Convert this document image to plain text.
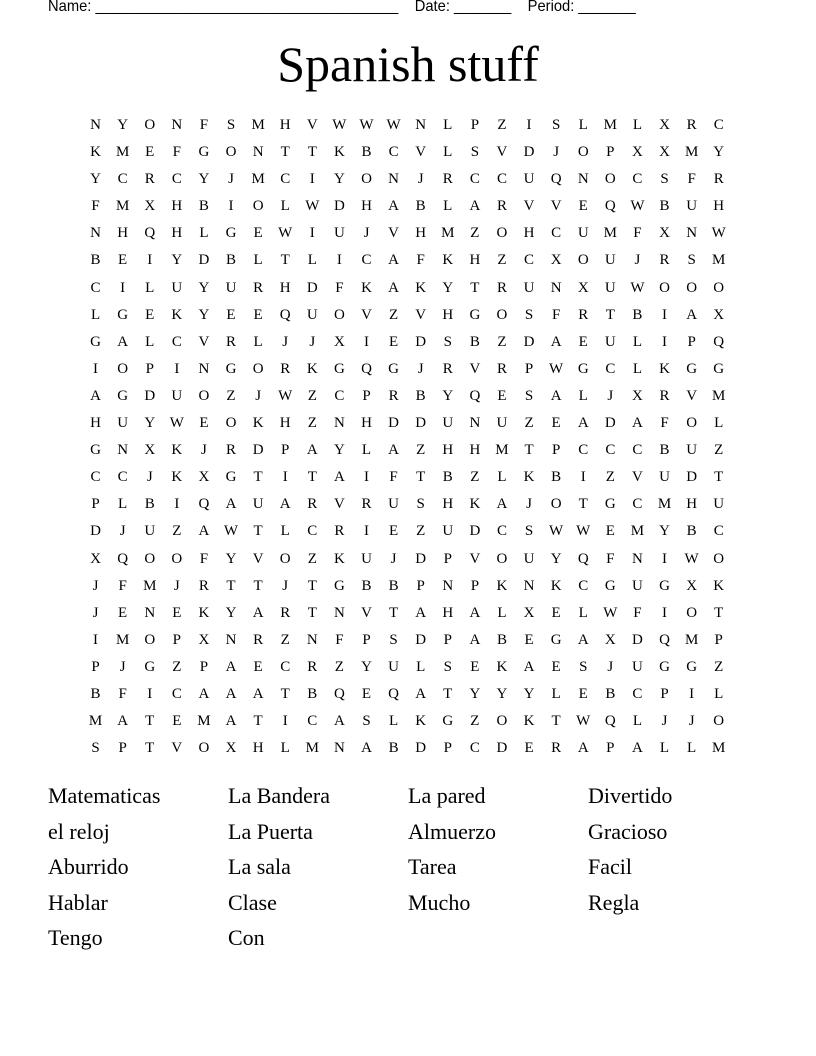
Name: _____________________________________ Date: _______ Period: _______
Spanish stuff
N	Y	O	N	F	S	M	H	V W W W N	L	P	Z	I	S	L	M	L	X	R	C
K	M	E	F	G	O	N	T	T	K	B	C	V	L	S	V	D	J	O	P	X	X	M	Y
Y	C	R	C	Y	J	M	C	I	Y	O	N	J	R	C	C	U	Q	N	O	C	S	F	R
F	M	X	H	B	I	O	L	W D	H	A	B	L	A	R	V	V	E	Q W	B	U	H
N	H	Q	H	L	G	E	W	I	U	J	V	H	M	Z	O	H	C	U	M	F	X	N W
B	E	I	Y	D	B	L	T	L	I	C	A	F	K	H	Z	C	X	O	U	J	R	S	M
C	I	L	U	Y	U	R	H	D	F	K	A	K	Y	T	R	U	N	X	U W O	O	O
L	G	E	K	Y	E	E	Q	U	O	V	Z	V	H	G	O	S	F	R	T	B	I	A	X
G	A	L	C	V	R	L	J	J	X	I	E	D	S	B	Z	D	A	E	U	L	I	P	Q
I	O	P	I	N	G	O	R	K	G	Q	G	J	R	V	R	P	W G	C	L	K	G	G
A	G	D	U	O	Z	J	W	Z	C	P	R	B	Y	Q	E	S	A	L	J	X	R	V	M
H	U	Y W	E	O	K	H	Z	N	H	D	D	U	N	U	Z	E	A	D	A	F	O	L
G	N	X	K	J	R	D	P	A	Y	L	A	Z	H	H	M	T	P	C	C	C	B	U	Z
C	C	J	K	X	G	T	I	T	A	I	F	T	B	Z	L	K	B	I	Z	V	U	D	T
P	L	B	I	Q	A	U	A	R	V	R	U	S	H	K	A	J	O	T	G	C	M	H	U
D	J	U	Z	A W	T	L	C	R	I	E	Z	U	D	C	S	W W	E	M	Y	B	C
X	Q	O	O	F	Y	V	O	Z	K	U	J	D	P	V	O	U	Y	Q	F	N	I	W O
J	F	M	J	R	T	T	J	T	G	B	B	P	N	P	K	N	K	C	G	U	G	X	K
J	E	N	E	K	Y	A	R	T	N	V	T	A	H	A	L	X	E	L	W	F	I	O	T
I	M	O	P	X	N	R	Z	N	F	P	S	D	P	A	B	E	G	A	X	D	Q	M	P
P	J	G	Z	P	A	E	C	R	Z	Y	U	L	S	E	K	A	E	S	J	U	G	G	Z
B	F	I	C	A	A	A	T	B	Q	E	Q	A	T	Y	Y	Y	L	E	B	C	P	I	L
M	A	T	E	M	A	T	I	C	A	S	L	K	G	Z	O	K	T	W Q	L	J	J	O
S	P	T	V	O	X	H	L	M	N	A	B	D	P	C	D	E	R	A	P	A	L	L	M
Matematicas	La Bandera	La pared	Divertido
el reloj	La Puerta	Almuerzo	Gracioso
Aburrido	La sala	Tarea	Facil
Hablar	Clase	Mucho	Regla
Tengo	Con
